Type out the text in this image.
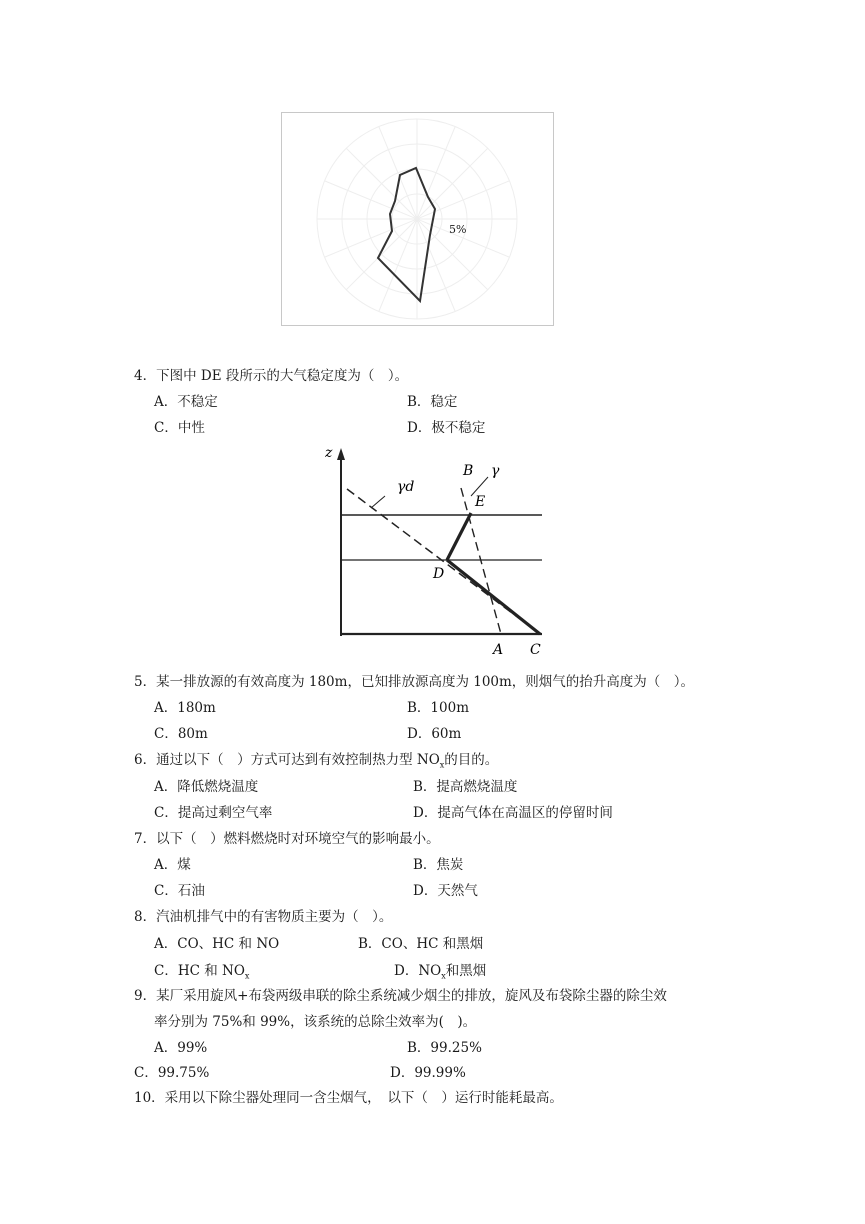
5%
4．下图中 DE 段所示的大气稳定度为（　）。
A．不稳定	B．稳定
C．中性	D．极不稳定
z
γd
B γ
E
D
A C
5．某一排放源的有效高度为 180m，已知排放源高度为 100m，则烟气的抬升高度为（　）。
A．180m	B．100m
C．80m	D．60m
6．通过以下（　）方式可达到有效控制热力型 $NO_x$的目的。
A．降低燃烧温度	B．提高燃烧温度
C．提高过剩空气率	D．提高气体在高温区的停留时间
7．以下（　）燃料燃烧时对环境空气的影响最小。
A．煤	B．焦炭
C．石油	D．天然气
8．汽油机排气中的有害物质主要为（　）。
A．CO、HC 和 NO	B．CO、HC 和黑烟
C．HC 和 $NO_x$	D．$NO_x$和黑烟
9．某厂采用旋风+布袋两级串联的除尘系统减少烟尘的排放，旋风及布袋除尘器的除尘效
率分别为 75%和 99%，该系统的总除尘效率为(　)。
A．99%	B．99.25%
C．99.75%	D．99.99%
10．采用以下除尘器处理同一含尘烟气，　以下（　）运行时能耗最高。
